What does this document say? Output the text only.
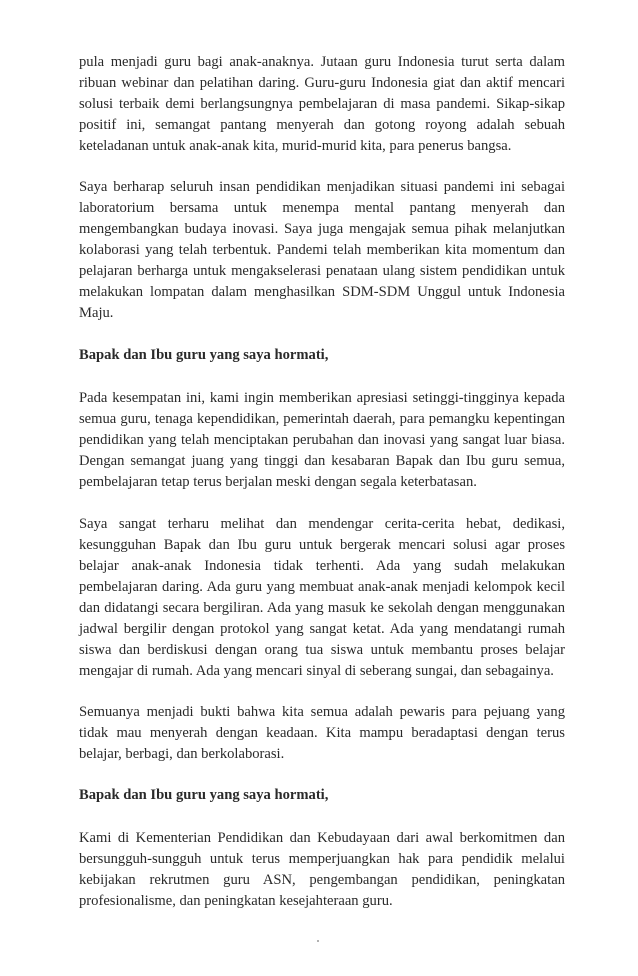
pula menjadi guru bagi anak-anaknya. Jutaan guru Indonesia turut serta dalam ribuan webinar dan pelatihan daring. Guru-guru Indonesia giat dan aktif mencari solusi terbaik demi berlangsungnya pembelajaran di masa pandemi. Sikap-sikap positif ini, semangat pantang menyerah dan gotong royong adalah sebuah keteladanan untuk anak-anak kita, murid-murid kita, para penerus bangsa.

Saya berharap seluruh insan pendidikan menjadikan situasi pandemi ini sebagai laboratorium bersama untuk menempa mental pantang menyerah dan mengembangkan budaya inovasi. Saya juga mengajak semua pihak melanjutkan kolaborasi yang telah terbentuk. Pandemi telah memberikan kita momentum dan pelajaran berharga untuk mengakselerasi penataan ulang sistem pendidikan untuk melakukan lompatan dalam menghasilkan SDM-SDM Unggul untuk Indonesia Maju.

Bapak dan Ibu guru yang saya hormati,

Pada kesempatan ini, kami ingin memberikan apresiasi setinggi-tingginya kepada semua guru, tenaga kependidikan, pemerintah daerah, para pemangku kepentingan pendidikan yang telah menciptakan perubahan dan inovasi yang sangat luar biasa. Dengan semangat juang yang tinggi dan kesabaran Bapak dan Ibu guru semua, pembelajaran tetap terus berjalan meski dengan segala keterbatasan.

Saya sangat terharu melihat dan mendengar cerita-cerita hebat, dedikasi, kesungguhan Bapak dan Ibu guru untuk bergerak mencari solusi agar proses belajar anak-anak Indonesia tidak terhenti. Ada yang sudah melakukan pembelajaran daring. Ada guru yang membuat anak-anak menjadi kelompok kecil dan didatangi secara bergiliran. Ada yang masuk ke sekolah dengan menggunakan jadwal bergilir dengan protokol yang sangat ketat. Ada yang mendatangi rumah siswa dan berdiskusi dengan orang tua siswa untuk membantu proses belajar mengajar di rumah. Ada yang mencari sinyal di seberang sungai, dan sebagainya.

Semuanya menjadi bukti bahwa kita semua adalah pewaris para pejuang yang tidak mau menyerah dengan keadaan. Kita mampu beradaptasi dengan terus belajar, berbagi, dan berkolaborasi.

Bapak dan Ibu guru yang saya hormati,

Kami di Kementerian Pendidikan dan Kebudayaan dari awal berkomitmen dan bersungguh-sungguh untuk terus memperjuangkan hak para pendidik melalui kebijakan rekrutmen guru ASN, pengembangan pendidikan, peningkatan profesionalisme, dan peningkatan kesejahteraan guru.
